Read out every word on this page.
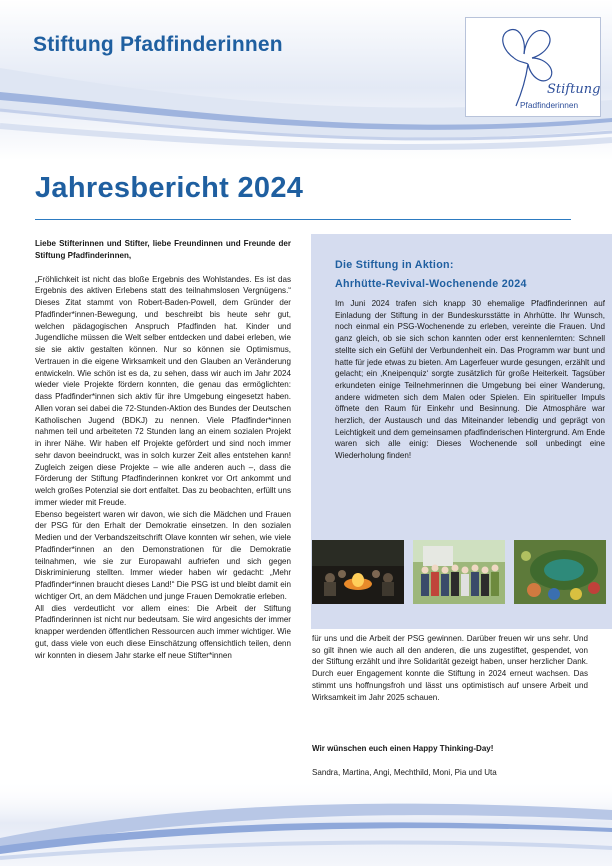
Stiftung Pfadfinderinnen
Stiftung
Pfadfinderinnen
Jahresbericht 2024

Liebe Stifterinnen und Stifter, liebe Freundinnen und Freunde der Stiftung Pfadfinderinnen,

„Fröhlichkeit ist nicht das bloße Ergebnis des Wohlstandes. Es ist das Ergebnis des aktiven Erlebens statt des teilnahmslosen Vergnügens.“ Dieses Zitat stammt von Robert-Baden-Powell, dem Gründer der Pfadfinder*innen-Bewegung, und beschreibt bis heute sehr gut, welchen pädagogischen Anspruch Pfadfinden hat. Kinder und Jugendliche müssen die Welt selber entdecken und dabei erleben, wie sie sie aktiv gestalten können. Nur so können sie Optimismus, Vertrauen in die eigene Wirksamkeit und den Glauben an Veränderung entwickeln. Wie schön ist es da, zu sehen, dass wir auch im Jahr 2024 wieder viele Projekte fördern konnten, die genau das ermöglichten: dass Pfadfinder*innen sich aktiv für ihre Umgebung eingesetzt haben. Allen voran sei dabei die 72-Stunden-Aktion des Bundes der Deutschen Katholischen Jugend (BDKJ) zu nennen. Viele Pfadfinder*innen nahmen teil und arbeiteten 72 Stunden lang an einem sozialen Projekt in ihrer Nähe. Wir haben elf Projekte gefördert und sind noch immer sehr davon beeindruckt, was in solch kurzer Zeit alles entstehen kann! Zugleich zeigen diese Projekte – wie alle anderen auch –, dass die Förderung der Stiftung Pfadfinderinnen konkret vor Ort ankommt und welch großes Potenzial sie dort entfaltet. Das zu beobachten, erfüllt uns immer wieder mit Freude.

Ebenso begeistert waren wir davon, wie sich die Mädchen und Frauen der PSG für den Erhalt der Demokratie einsetzen. In den sozialen Medien und der Verbandszeitschrift Olave konnten wir sehen, wie viele Pfadfinder*innen an den Demonstrationen für die Demokratie teilnahmen, wie sie zur Europawahl aufriefen und sich gegen Diskriminierung stellten. Immer wieder haben wir gedacht: „Mehr Pfadfinder*innen braucht dieses Land!“ Die PSG ist und bleibt damit ein wichtiger Ort, an dem Mädchen und junge Frauen Demokratie erleben.

All dies verdeutlicht vor allem eines: Die Arbeit der Stiftung Pfadfinderinnen ist nicht nur bedeutsam. Sie wird angesichts der immer knapper werdenden öffentlichen Ressourcen auch immer wichtiger. Wie gut, dass viele von euch diese Einschätzung offensichtlich teilen, denn wir konnten in diesem Jahr starke elf neue Stifter*innen

Die Stiftung in Aktion:
Ahrhütte-Revival-Wochenende 2024

Im Juni 2024 trafen sich knapp 30 ehemalige Pfadfinderinnen auf Einladung der Stiftung in der Bundeskursstätte in Ahrhütte. Ihr Wunsch, noch einmal ein PSG-Wochenende zu erleben, vereinte die Frauen. Und ganz gleich, ob sie sich schon kannten oder erst kennenlernten: Schnell stellte sich ein Gefühl der Verbundenheit ein. Das Programm war bunt und hatte für jede etwas zu bieten. Am Lagerfeuer wurde gesungen, erzählt und gelacht; ein ‚Kneipenquiz‘ sorgte zusätzlich für große Heiterkeit. Tagsüber erkundeten einige Teilnehmerinnen die Umgebung bei einer Wanderung, andere widmeten sich dem Malen oder Spielen. Ein spiritueller Impuls öffnete den Raum für Einkehr und Besinnung. Die Atmosphäre war herzlich, der Austausch und das Miteinander lebendig und geprägt von Leichtigkeit und dem gemeinsamen pfadfinderischen Hintergrund. Am Ende waren sich alle einig: Dieses Wochenende soll unbedingt eine Wiederholung finden!

für uns und die Arbeit der PSG gewinnen. Darüber freuen wir uns sehr. Und so gilt ihnen wie auch all den anderen, die uns zugestiftet, gespendet, von der Stiftung erzählt und ihre Solidarität gezeigt haben, unser herzlicher Dank. Durch euer Engagement konnte die Stiftung in 2024 erneut wachsen. Das stimmt uns hoffnungsfroh und lässt uns optimistisch auf unsere Arbeit und Wirksamkeit im Jahr 2025 schauen.

Wir wünschen euch einen Happy Thinking-Day!
Sandra, Martina, Angi, Mechthild, Moni, Pia und Uta
